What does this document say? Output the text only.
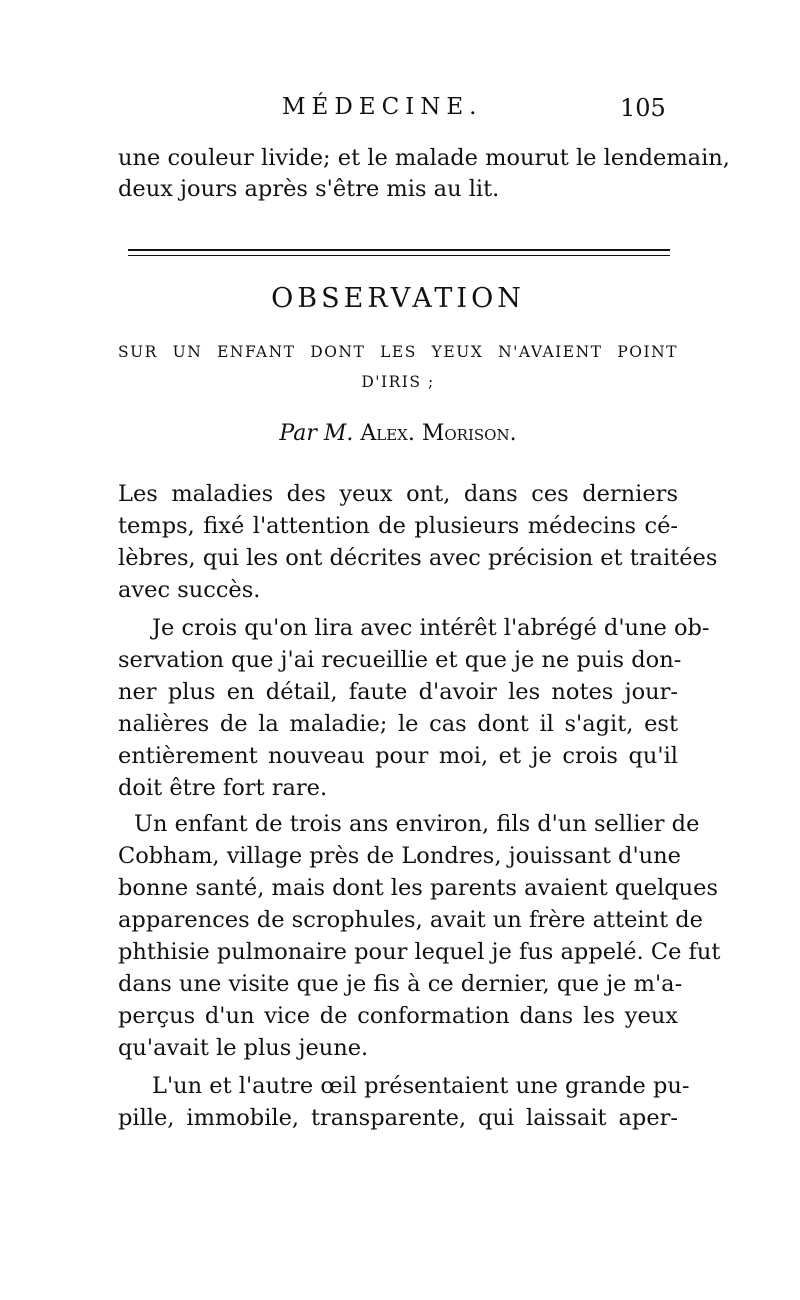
MÉDECINE.	105
une couleur livide; et le malade mourut le lendemain,
deux jours après s'être mis au lit.
OBSERVATION
SUR UN ENFANT DONT LES YEUX N'AVAIENT POINT
D'IRIS ;
Par M. Alex. Morison.
Les maladies des yeux ont, dans ces derniers
temps, fixé l'attention de plusieurs médecins cé-
lèbres, qui les ont décrites avec précision et traitées
avec succès.
Je crois qu'on lira avec intérêt l'abrégé d'une ob-
servation que j'ai recueillie et que je ne puis don-
ner plus en détail, faute d'avoir les notes jour-
nalières de la maladie; le cas dont il s'agit, est
entièrement nouveau pour moi, et je crois qu'il
doit être fort rare.
Un enfant de trois ans environ, fils d'un sellier de
Cobham, village près de Londres, jouissant d'une
bonne santé, mais dont les parents avaient quelques
apparences de scrophules, avait un frère atteint de
phthisie pulmonaire pour lequel je fus appelé. Ce fut
dans une visite que je fis à ce dernier, que je m'a-
perçus d'un vice de conformation dans les yeux
qu'avait le plus jeune.
L'un et l'autre œil présentaient une grande pu-
pille, immobile, transparente, qui laissait aper-
